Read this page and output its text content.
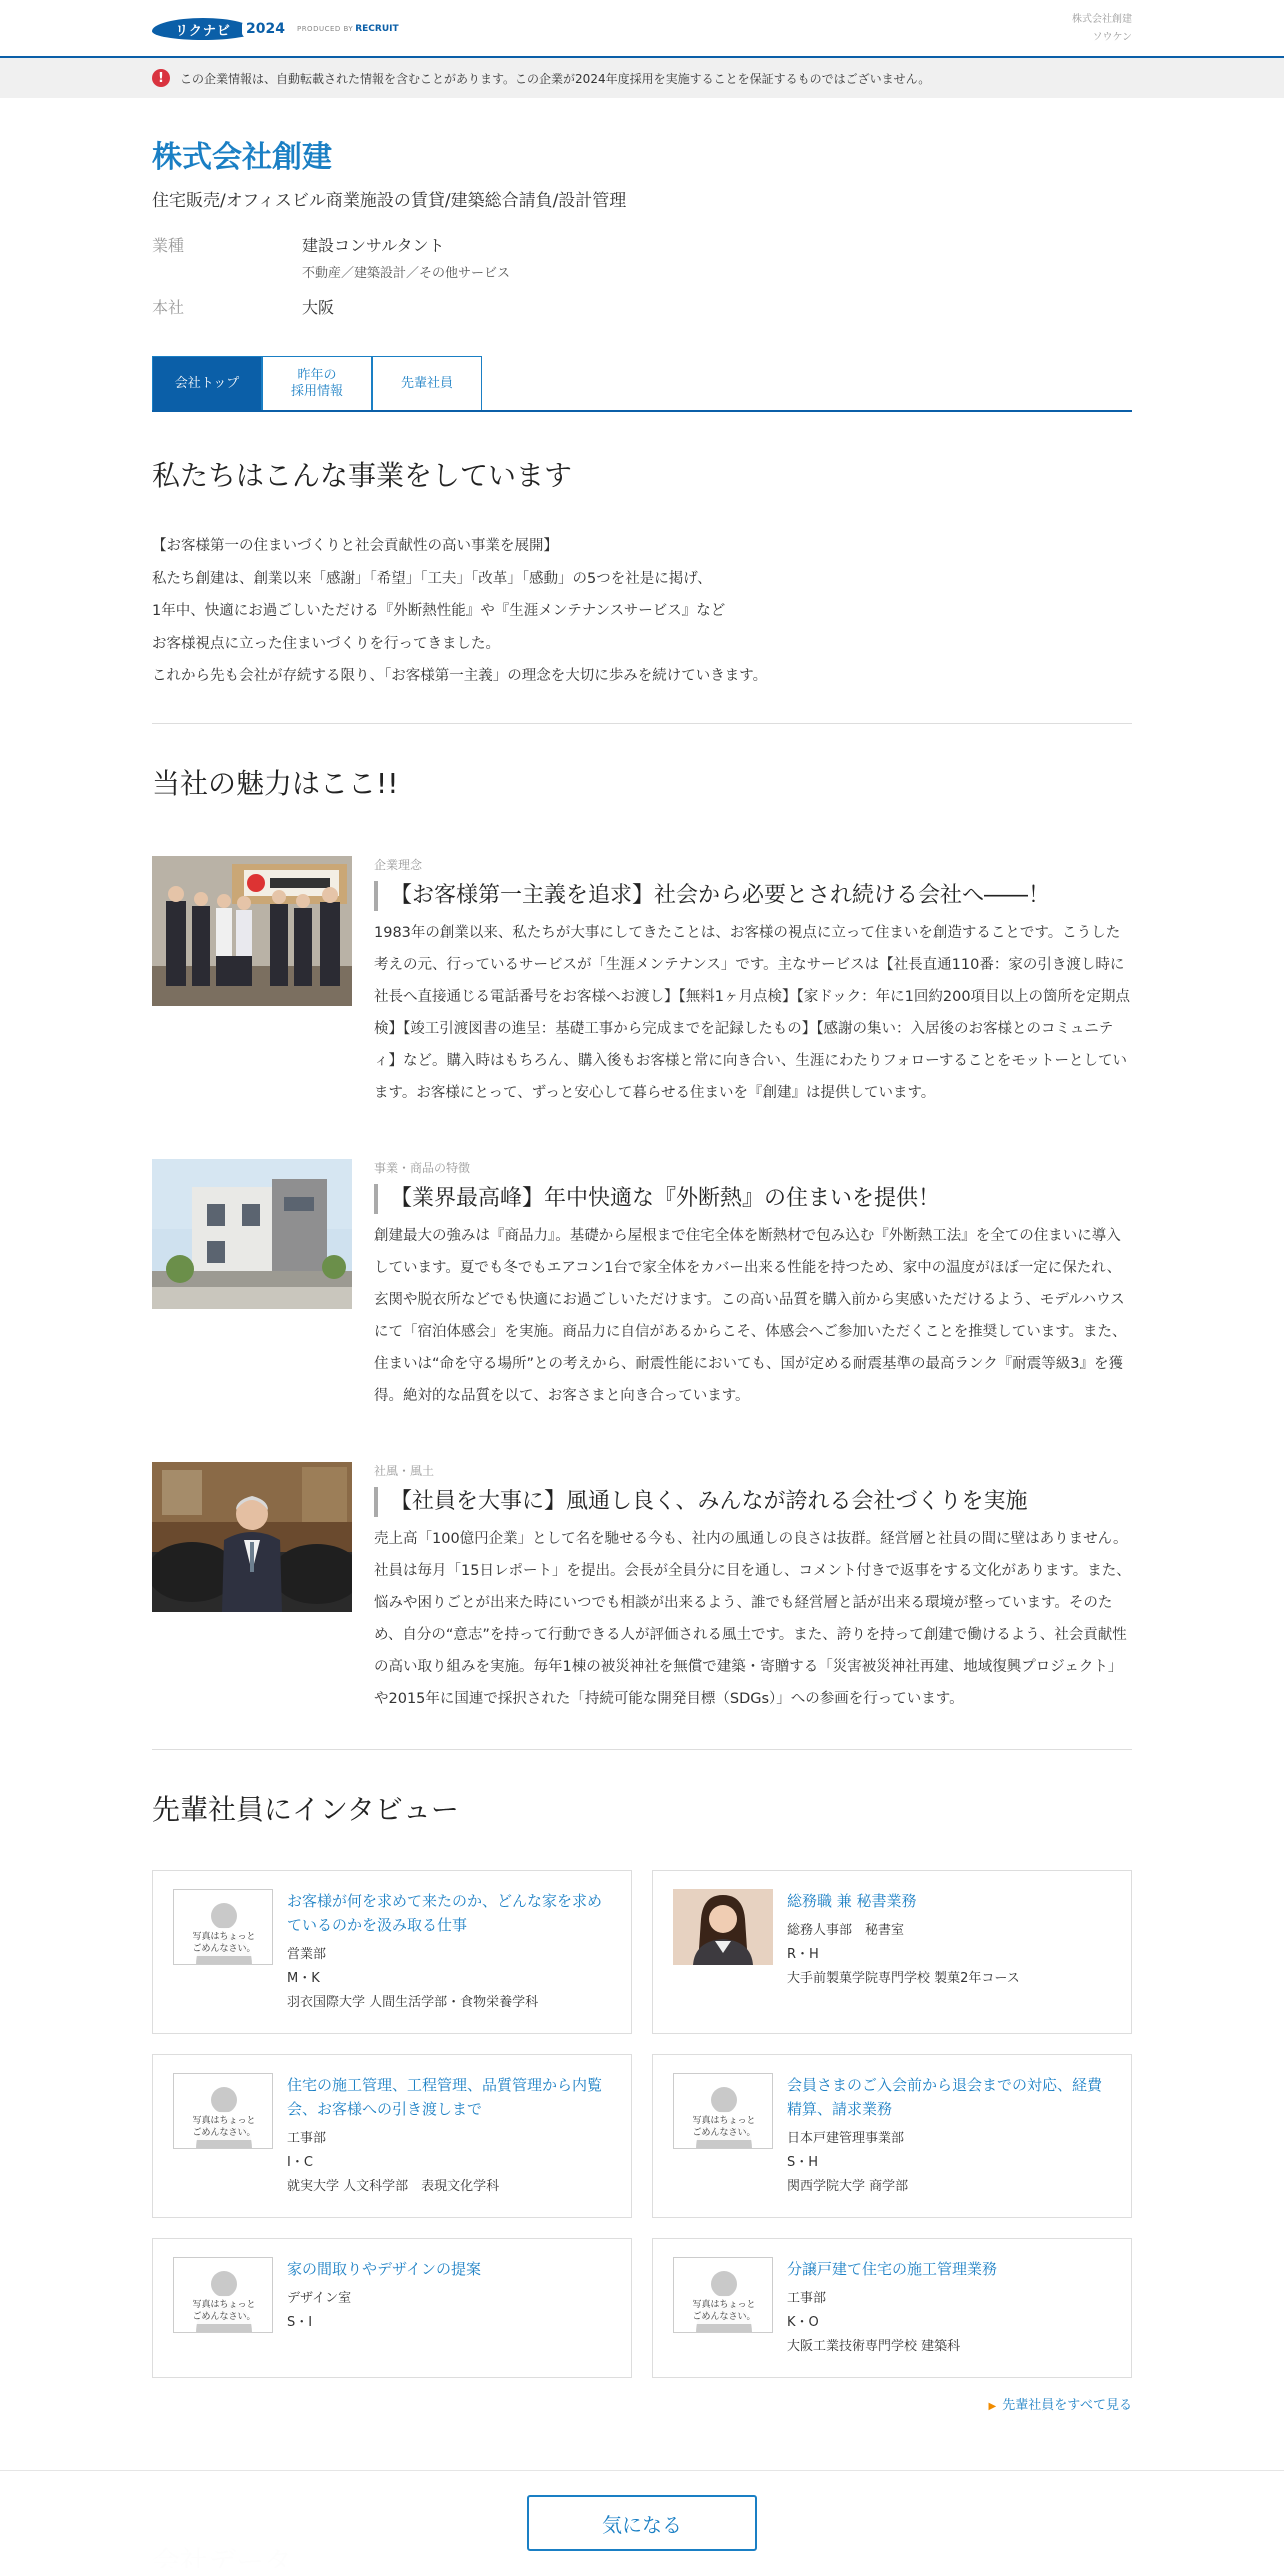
リクナビ	2024	PRODUCED BY RECRUIT
株式会社創建
ソウケン
!	この企業情報は、自動転載された情報を含むことがあります。この企業が2024年度採用を実施することを保証するものではございません。
株式会社創建
住宅販売/オフィスビル商業施設の賃貸/建築総合請負/設計管理
業種	建設コンサルタント
不動産／建築設計／その他サービス
本社	大阪
会社トップ
昨年の
採用情報
先輩社員
私たちはこんな事業をしています
【お客様第一の住まいづくりと社会貢献性の高い事業を展開】
私たち創建は、創業以来「感謝」「希望」「工夫」「改革」「感動」の5つを社是に掲げ、
1年中、快適にお過ごしいただける『外断熱性能』や『生涯メンテナンスサービス』など
お客様視点に立った住まいづくりを行ってきました。
これから先も会社が存続する限り、「お客様第一主義」の理念を大切に歩みを続けていきます。
当社の魅力はここ!!
企業理念
【お客様第一主義を追求】社会から必要とされ続ける会社へ――！
1983年の創業以来、私たちが大事にしてきたことは、お客様の視点に立って住まいを創造することです。こうした考えの元、行っているサービスが「生涯メンテナンス」です。主なサービスは【社長直通110番：家の引き渡し時に社長へ直接通じる電話番号をお客様へお渡し】【無料1ヶ月点検】【家ドック：年に1回約200項目以上の箇所を定期点検】【竣工引渡図書の進呈：基礎工事から完成までを記録したもの】【感謝の集い：入居後のお客様とのコミュニティ】など。購入時はもちろん、購入後もお客様と常に向き合い、生涯にわたりフォローすることをモットーとしています。お客様にとって、ずっと安心して暮らせる住まいを『創建』は提供しています。
事業・商品の特徴
【業界最高峰】年中快適な『外断熱』の住まいを提供！
創建最大の強みは『商品力』。基礎から屋根まで住宅全体を断熱材で包み込む『外断熱工法』を全ての住まいに導入しています。夏でも冬でもエアコン1台で家全体をカバー出来る性能を持つため、家中の温度がほぼ一定に保たれ、玄関や脱衣所などでも快適にお過ごしいただけます。この高い品質を購入前から実感いただけるよう、モデルハウスにて「宿泊体感会」を実施。商品力に自信があるからこそ、体感会へご参加いただくことを推奨しています。また、住まいは“命を守る場所”との考えから、耐震性能においても、国が定める耐震基準の最高ランク『耐震等級3』を獲得。絶対的な品質を以て、お客さまと向き合っています。
社風・風土
【社員を大事に】風通し良く、みんなが誇れる会社づくりを実施
売上高「100億円企業」として名を馳せる今も、社内の風通しの良さは抜群。経営層と社員の間に壁はありません。社員は毎月「15日レポート」を提出。会長が全員分に目を通し、コメント付きで返事をする文化があります。また、悩みや困りごとが出来た時にいつでも相談が出来るよう、誰でも経営層と話が出来る環境が整っています。そのため、自分の“意志”を持って行動できる人が評価される風土です。また、誇りを持って創建で働けるよう、社会貢献性の高い取り組みを実施。毎年1棟の被災神社を無償で建築・寄贈する「災害被災神社再建、地域復興プロジェクト」や2015年に国連で採択された「持続可能な開発目標（SDGs）」への参画を行っています。
先輩社員にインタビュー
写真はちょっと
ごめんなさい。
お客様が何を求めて来たのか、どんな家を求めているのかを汲み取る仕事
営業部
M・K
羽衣国際大学 人間生活学部・食物栄養学科
総務職 兼 秘書業務
総務人事部　秘書室
R・H
大手前製菓学院専門学校 製菓2年コース
写真はちょっと
ごめんなさい。
住宅の施工管理、工程管理、品質管理から内覧会、お客様への引き渡しまで
工事部
I・C
就実大学 人文科学部　表現文化学科
写真はちょっと
ごめんなさい。
会員さまのご入会前から退会までの対応、経費精算、請求業務
日本戸建管理事業部
S・H
関西学院大学 商学部
写真はちょっと
ごめんなさい。
家の間取りやデザインの提案
デザイン室
S・I
写真はちょっと
ごめんなさい。
分譲戸建て住宅の施工管理業務
工事部
K・O
大阪工業技術専門学校 建築科
▶ 先輩社員をすべて見る
気になる
